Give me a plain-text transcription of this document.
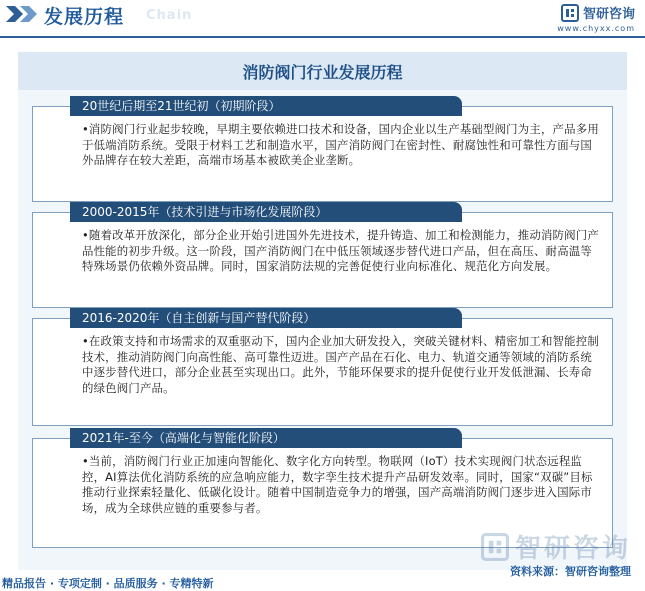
发展历程 Chain	智研咨询
www.chyxx.com
消防阀门行业发展历程
20世纪后期至21世纪初（初期阶段）
•消防阀门行业起步较晚，早期主要依赖进口技术和设备，国内企业以生产基础型阀门为主，产品多用于低端消防系统。受限于材料工艺和制造水平，国产消防阀门在密封性、耐腐蚀性和可靠性方面与国外品牌存在较大差距，高端市场基本被欧美企业垄断。
2000-2015年（技术引进与市场化发展阶段）
•随着改革开放深化，部分企业开始引进国外先进技术，提升铸造、加工和检测能力，推动消防阀门产品性能的初步升级。这一阶段，国产消防阀门在中低压领域逐步替代进口产品，但在高压、耐高温等特殊场景仍依赖外资品牌。同时，国家消防法规的完善促使行业向标准化、规范化方向发展。
2016-2020年（自主创新与国产替代阶段）
•在政策支持和市场需求的双重驱动下，国内企业加大研发投入，突破关键材料、精密加工和智能控制技术，推动消防阀门向高性能、高可靠性迈进。国产产品在石化、电力、轨道交通等领域的消防系统中逐步替代进口，部分企业甚至实现出口。此外，节能环保要求的提升促使行业开发低泄漏、长寿命的绿色阀门产品。
2021年-至今（高端化与智能化阶段）
•当前，消防阀门行业正加速向智能化、数字化方向转型。物联网（IoT）技术实现阀门状态远程监控，AI算法优化消防系统的应急响应能力，数字孪生技术提升产品研发效率。同时，国家“双碳”目标推动行业探索轻量化、低碳化设计。随着中国制造竞争力的增强，国产高端消防阀门逐步进入国际市场，成为全球供应链的重要参与者。
智研咨询
精品报告 · 专项定制 · 品质服务 · 专精特新
资料来源：智研咨询整理
